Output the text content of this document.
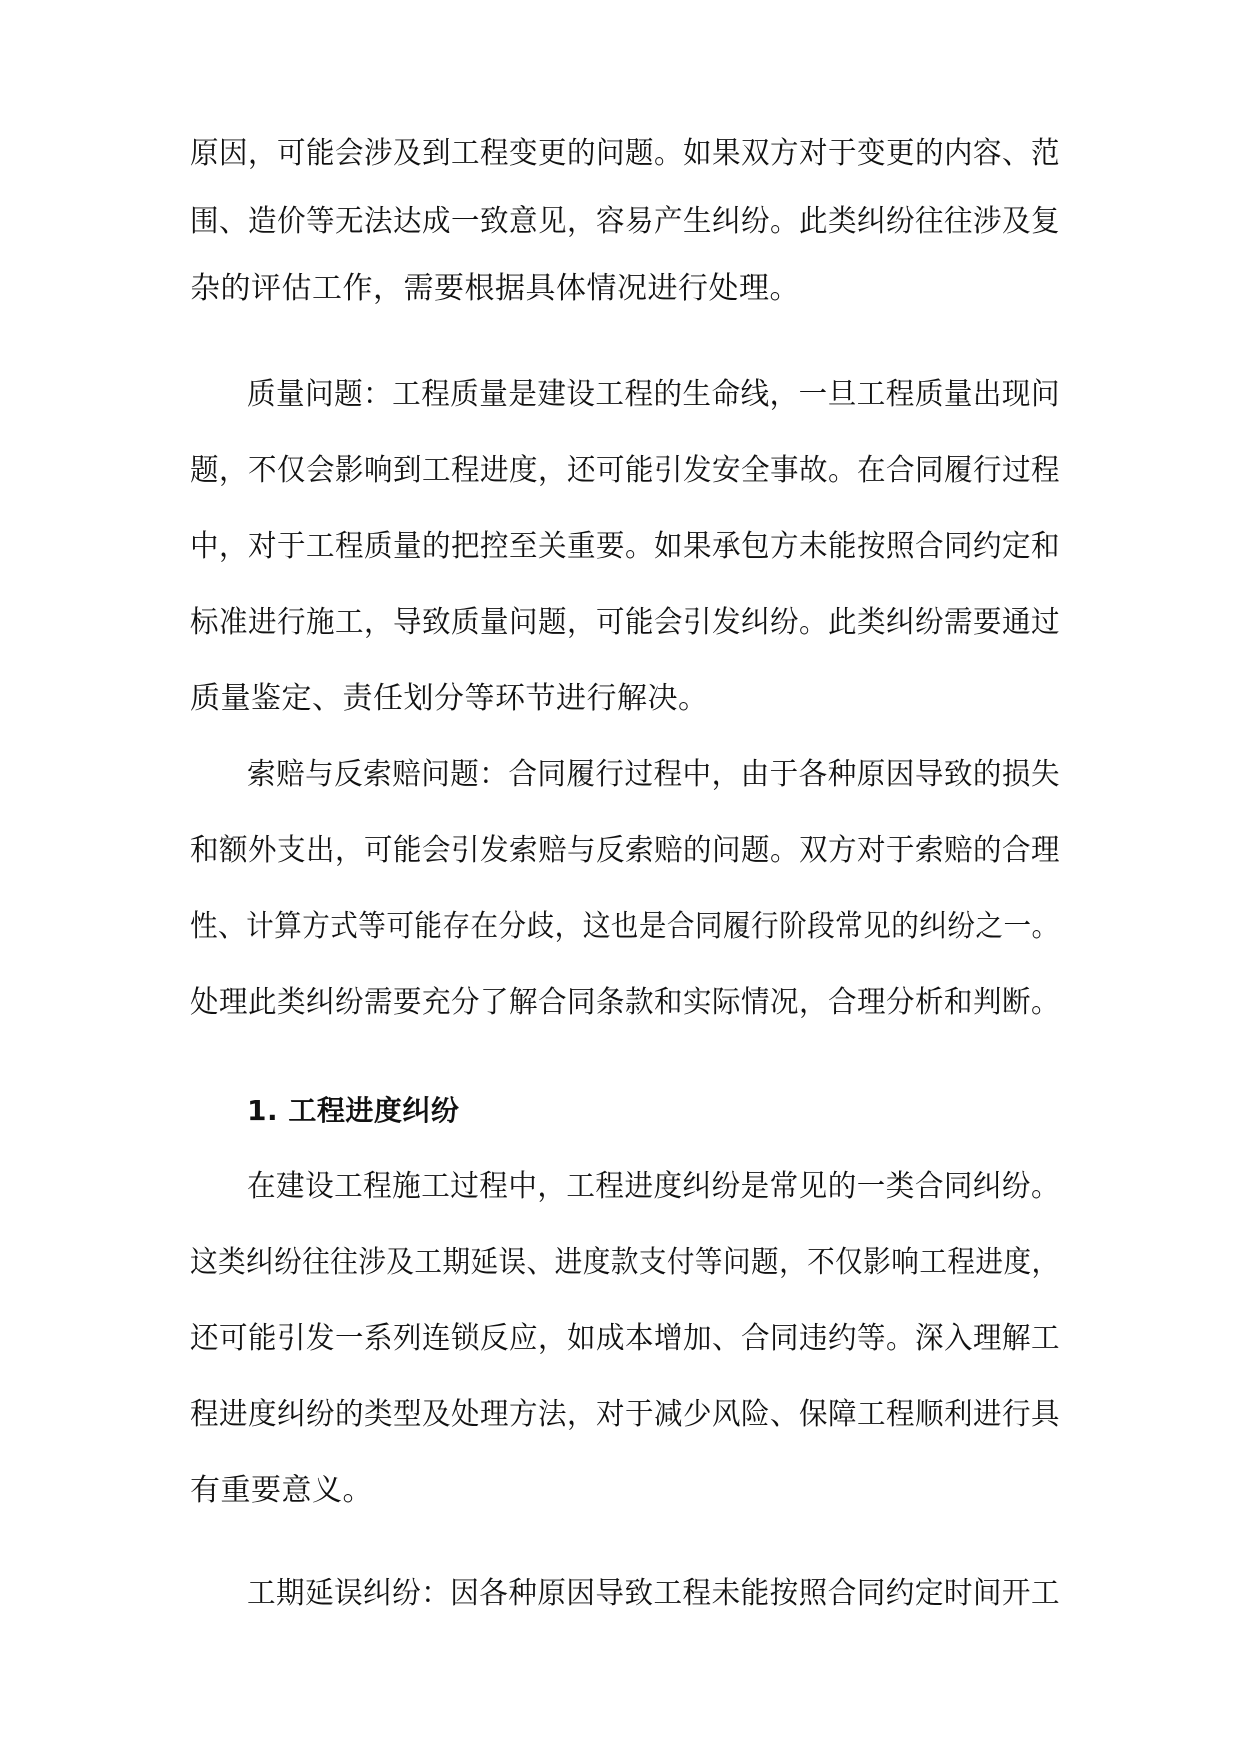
原因，可能会涉及到工程变更的问题。如果双方对于变更的内容、范
围、造价等无法达成一致意见，容易产生纠纷。此类纠纷往往涉及复
杂的评估工作，需要根据具体情况进行处理。
质量问题：工程质量是建设工程的生命线，一旦工程质量出现问
题，不仅会影响到工程进度，还可能引发安全事故。在合同履行过程
中，对于工程质量的把控至关重要。如果承包方未能按照合同约定和
标准进行施工，导致质量问题，可能会引发纠纷。此类纠纷需要通过
质量鉴定、责任划分等环节进行解决。
索赔与反索赔问题：合同履行过程中，由于各种原因导致的损失
和额外支出，可能会引发索赔与反索赔的问题。双方对于索赔的合理
性、计算方式等可能存在分歧，这也是合同履行阶段常见的纠纷之一。
处理此类纠纷需要充分了解合同条款和实际情况，合理分析和判断。
1. 工程进度纠纷
在建设工程施工过程中，工程进度纠纷是常见的一类合同纠纷。
这类纠纷往往涉及工期延误、进度款支付等问题，不仅影响工程进度，
还可能引发一系列连锁反应，如成本增加、合同违约等。深入理解工
程进度纠纷的类型及处理方法，对于减少风险、保障工程顺利进行具
有重要意义。
工期延误纠纷：因各种原因导致工程未能按照合同约定时间开工
